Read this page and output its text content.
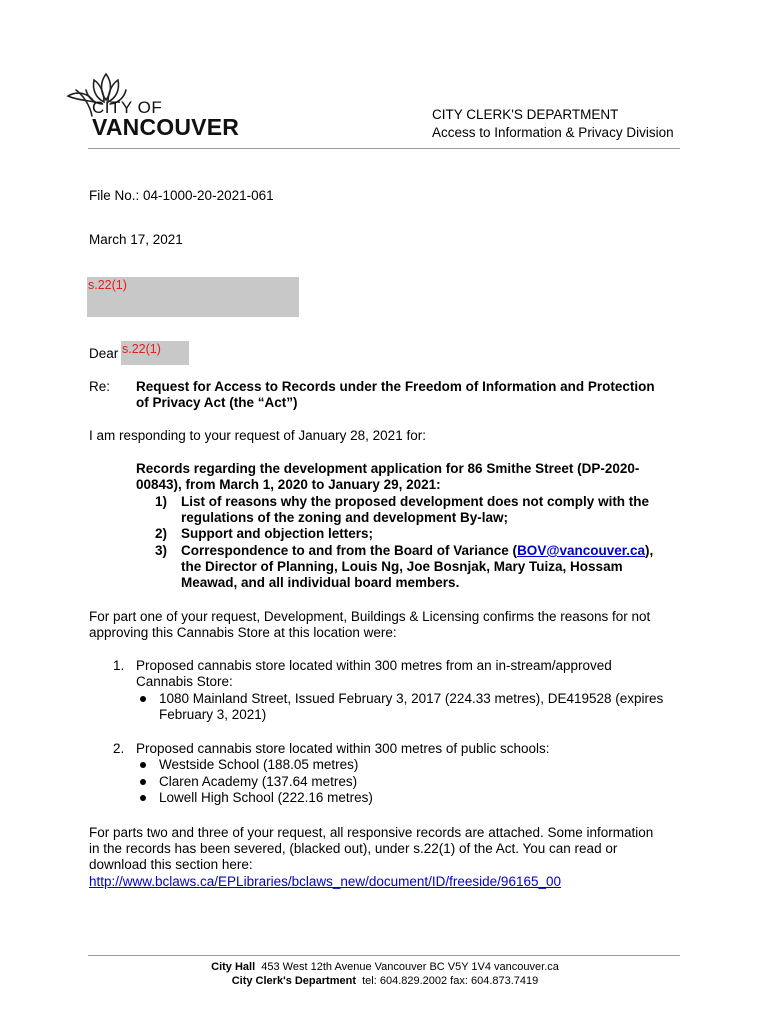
CITY OF
VANCOUVER	CITY CLERK'S DEPARTMENT
Access to Information & Privacy Division
File No.: 04-1000-20-2021-061
March 17, 2021
s.22(1)
Dear s.22(1)
Re: Request for Access to Records under the Freedom of Information and Protection
of Privacy Act (the “Act”)
I am responding to your request of January 28, 2021 for:
Records regarding the development application for 86 Smithe Street (DP-2020-
00843), from March 1, 2020 to January 29, 2021:
1) List of reasons why the proposed development does not comply with the
regulations of the zoning and development By-law;
2) Support and objection letters;
3) Correspondence to and from the Board of Variance (BOV@vancouver.ca),
the Director of Planning, Louis Ng, Joe Bosnjak, Mary Tuiza, Hossam
Meawad, and all individual board members.
For part one of your request, Development, Buildings & Licensing confirms the reasons for not
approving this Cannabis Store at this location were:
1. Proposed cannabis store located within 300 metres from an in-stream/approved
Cannabis Store:
1080 Mainland Street, Issued February 3, 2017 (224.33 metres), DE419528 (expires
February 3, 2021)
2. Proposed cannabis store located within 300 metres of public schools:
Westside School (188.05 metres)
Claren Academy (137.64 metres)
Lowell High School (222.16 metres)
For parts two and three of your request, all responsive records are attached. Some information
in the records has been severed, (blacked out), under s.22(1) of the Act. You can read or
download this section here:
http://www.bclaws.ca/EPLibraries/bclaws_new/document/ID/freeside/96165_00
City Hall 453 West 12th Avenue Vancouver BC V5Y 1V4 vancouver.ca
City Clerk's Department tel: 604.829.2002 fax: 604.873.7419
